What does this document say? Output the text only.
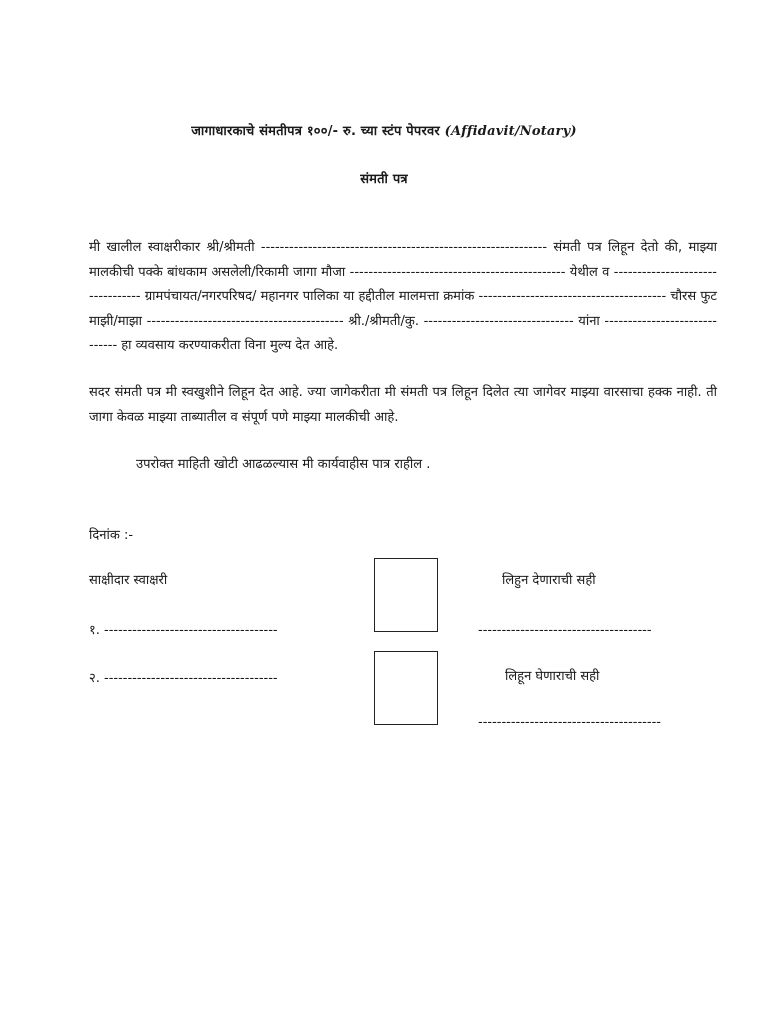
जागाधारकाचे संमतीपत्र १००/- रु. च्या स्टंप पेपरवर (Affidavit/Notary)
संमती पत्र
मी खालील स्वाक्षरीकार श्री/श्रीमती ------------------------------------------------------------- संमती पत्र लिहून देतो की, माझ्या मालकीची पक्के बांधकाम असलेली/रिकामी जागा मौजा ---------------------------------------------- येथील व --------------------------------- ग्रामपंचायत/नगरपरिषद/ महानगर पालिका या हद्दीतील मालमत्ता क्रमांक ---------------------------------------- चौरस फुट माझी/माझा ------------------------------------------ श्री./श्रीमती/कु. -------------------------------- यांना ------------------------------ हा व्यवसाय करण्याकरीता विना मुल्य देत आहे.
सदर संमती पत्र मी स्वखुशीने लिहून देत आहे. ज्या जागेकरीता मी संमती पत्र लिहून दिलेत त्या जागेवर माझ्या वारसाचा हक्क नाही. ती जागा केवळ माझ्या ताब्यातील व संपूर्ण पणे माझ्या मालकीची आहे.
उपरोक्त माहिती खोटी आढळल्यास मी कार्यवाहीस पात्र राहील .
दिनांक :-
साक्षीदार स्वाक्षरी
१. -------------------------------------
२. -------------------------------------
लिहुन देणाराची सही
-------------------------------------
लिहून घेणाराची सही
---------------------------------------
